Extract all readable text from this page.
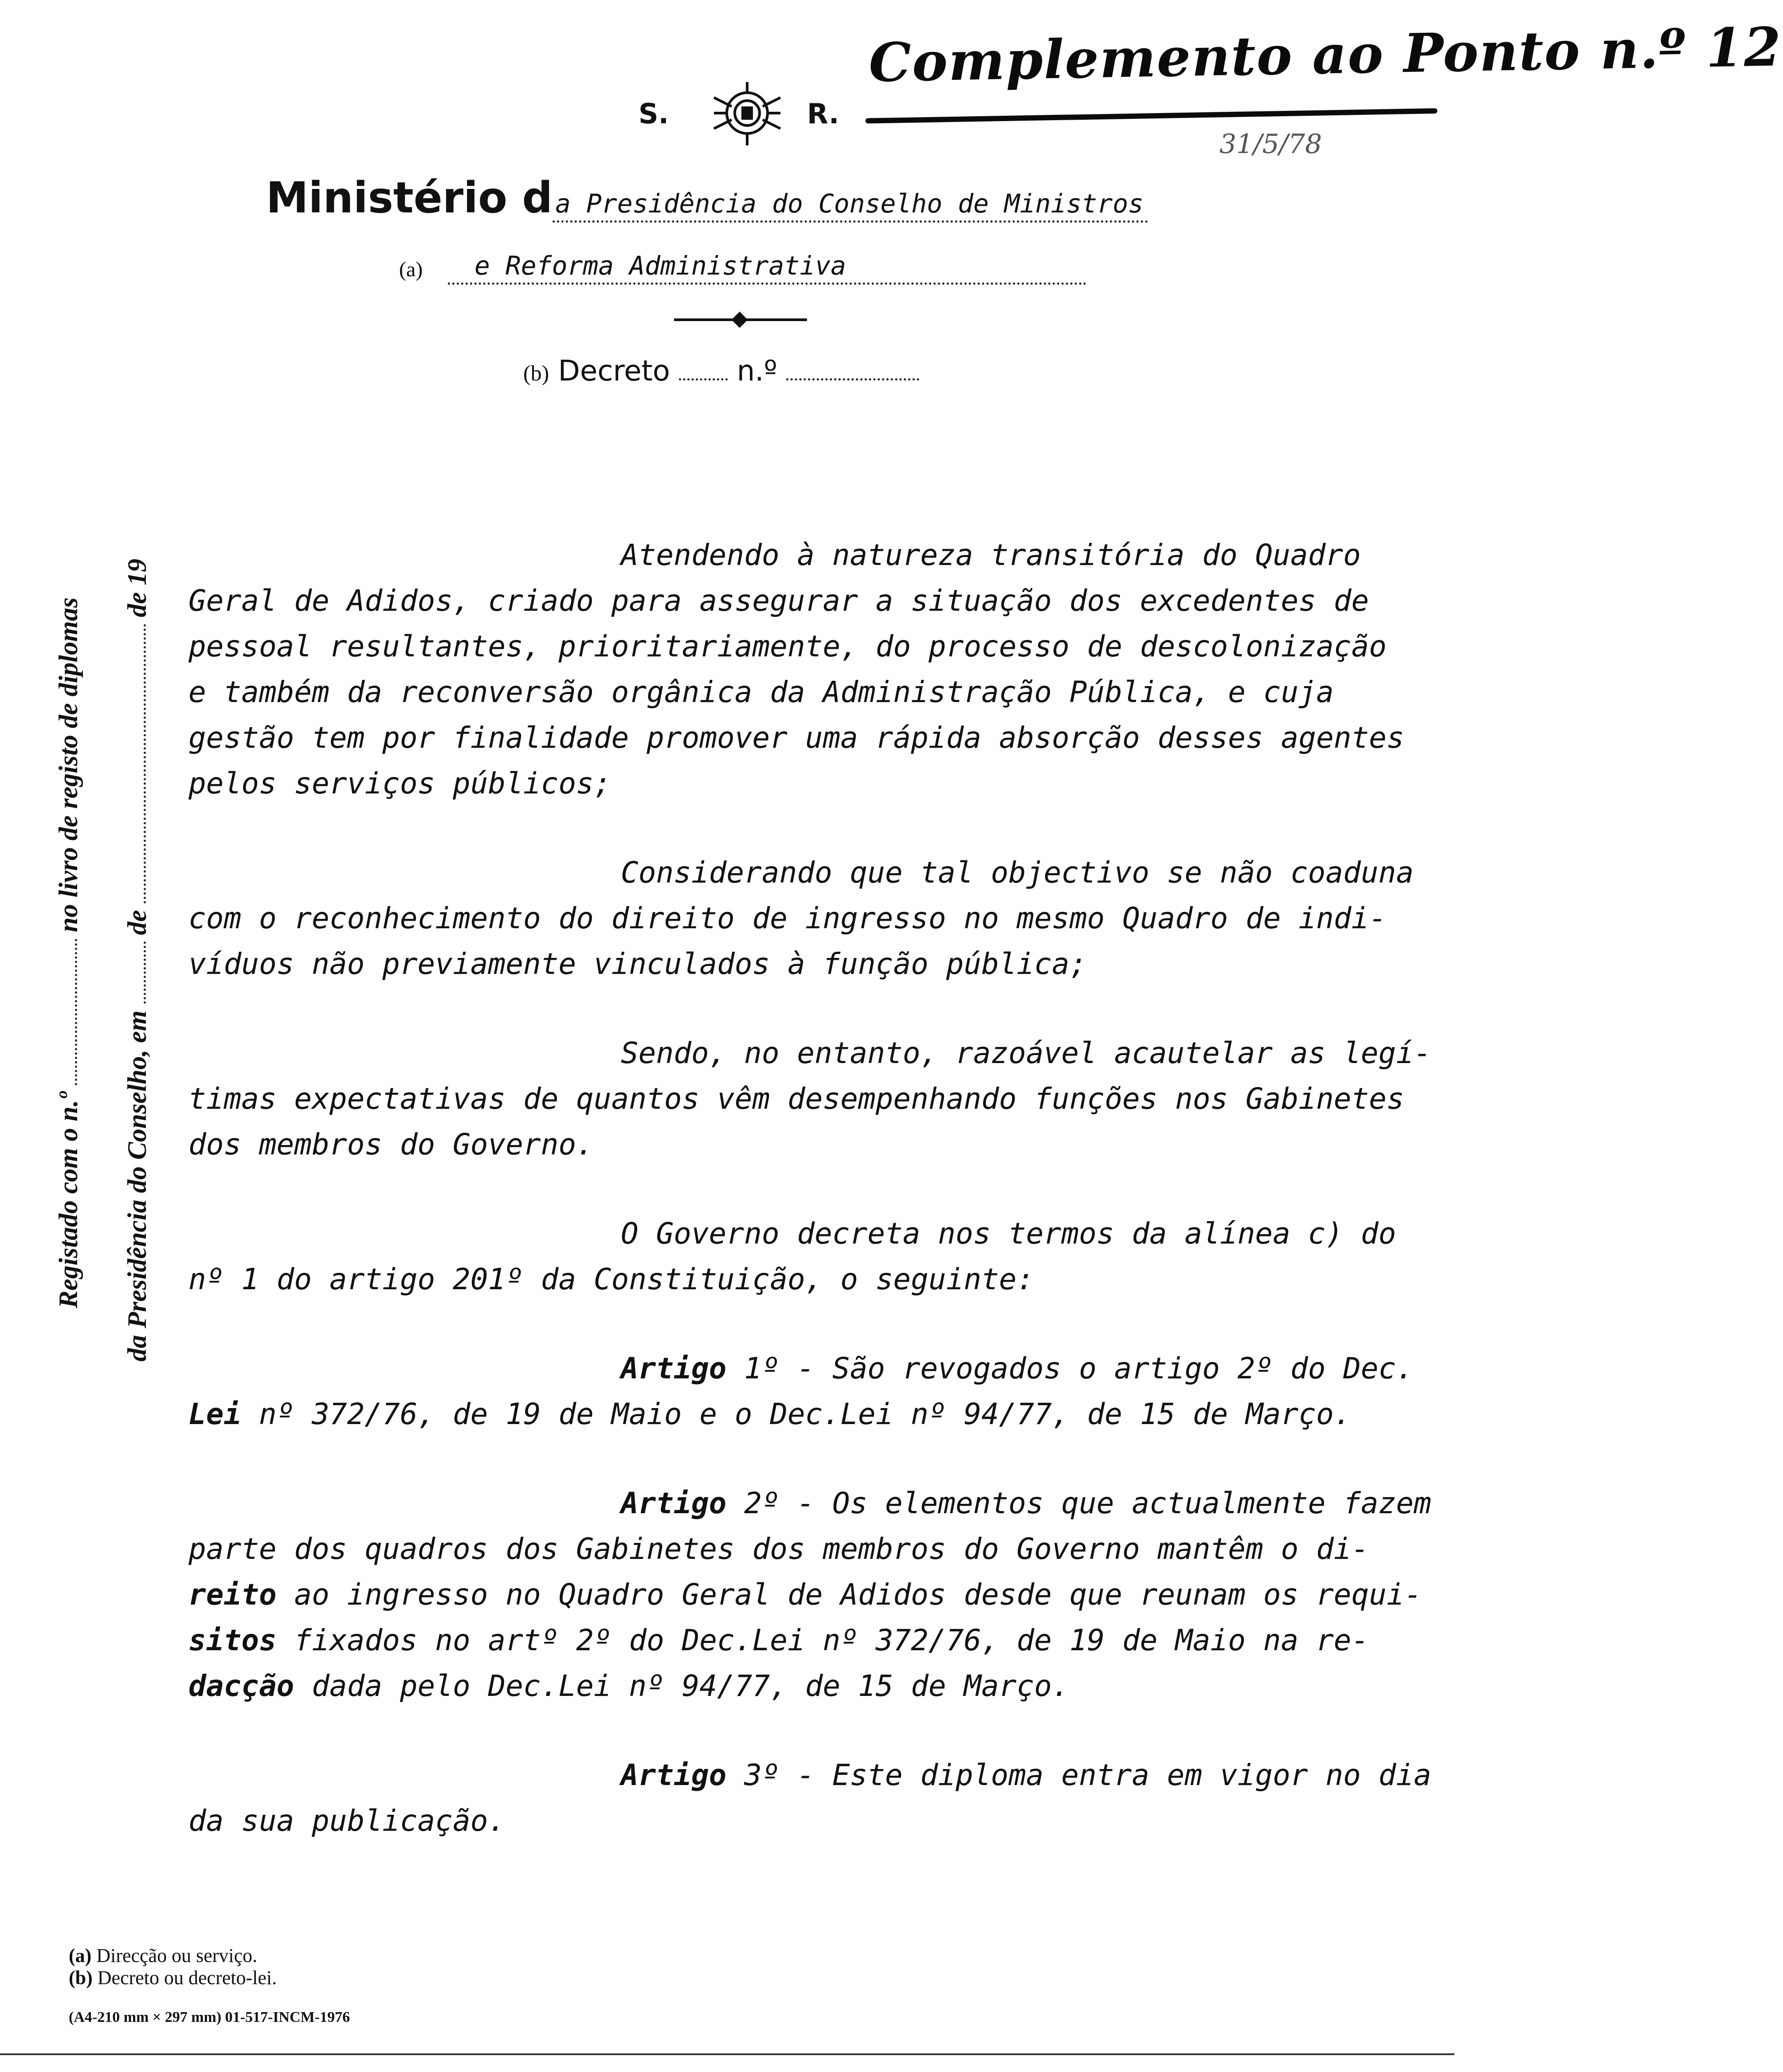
Complemento ao Ponto n.º 12
31/5/78
S.	R.
Ministério d a Presidência do Conselho de Ministros
(a)	e Reforma Administrativa
(b) Decreto n.º
Registado com o n.º  no livro de registo de diplomas
da Presidência do Conselho, em  de  de 19
Atendendo à natureza transitória do Quadro
Geral de Adidos, criado para assegurar a situação dos excedentes de
pessoal resultantes, prioritariamente, do processo de descolonização
e também da reconversão orgânica da Administração Pública, e cuja
gestão tem por finalidade promover uma rápida absorção desses agentes
pelos serviços públicos;
Considerando que tal objectivo se não coaduna
com o reconhecimento do direito de ingresso no mesmo Quadro de indi-
víduos não previamente vinculados à função pública;
Sendo, no entanto, razoável acautelar as legí-
timas expectativas de quantos vêm desempenhando funções nos Gabinetes
dos membros do Governo.
O Governo decreta nos termos da alínea c) do
nº 1 do artigo 201º da Constituição, o seguinte:
Artigo 1º - São revogados o artigo 2º do Dec.
Lei nº 372/76, de 19 de Maio e o Dec.Lei nº 94/77, de 15 de Março.
Artigo 2º - Os elementos que actualmente fazem
parte dos quadros dos Gabinetes dos membros do Governo mantêm o di-
reito ao ingresso no Quadro Geral de Adidos desde que reunam os requi-
sitos fixados no artº 2º do Dec.Lei nº 372/76, de 19 de Maio na re-
dacção dada pelo Dec.Lei nº 94/77, de 15 de Março.
Artigo 3º - Este diploma entra em vigor no dia
da sua publicação.
(a) Direcção ou serviço.
(b) Decreto ou decreto-lei.
(A4-210 mm × 297 mm) 01-517-INCM-1976
